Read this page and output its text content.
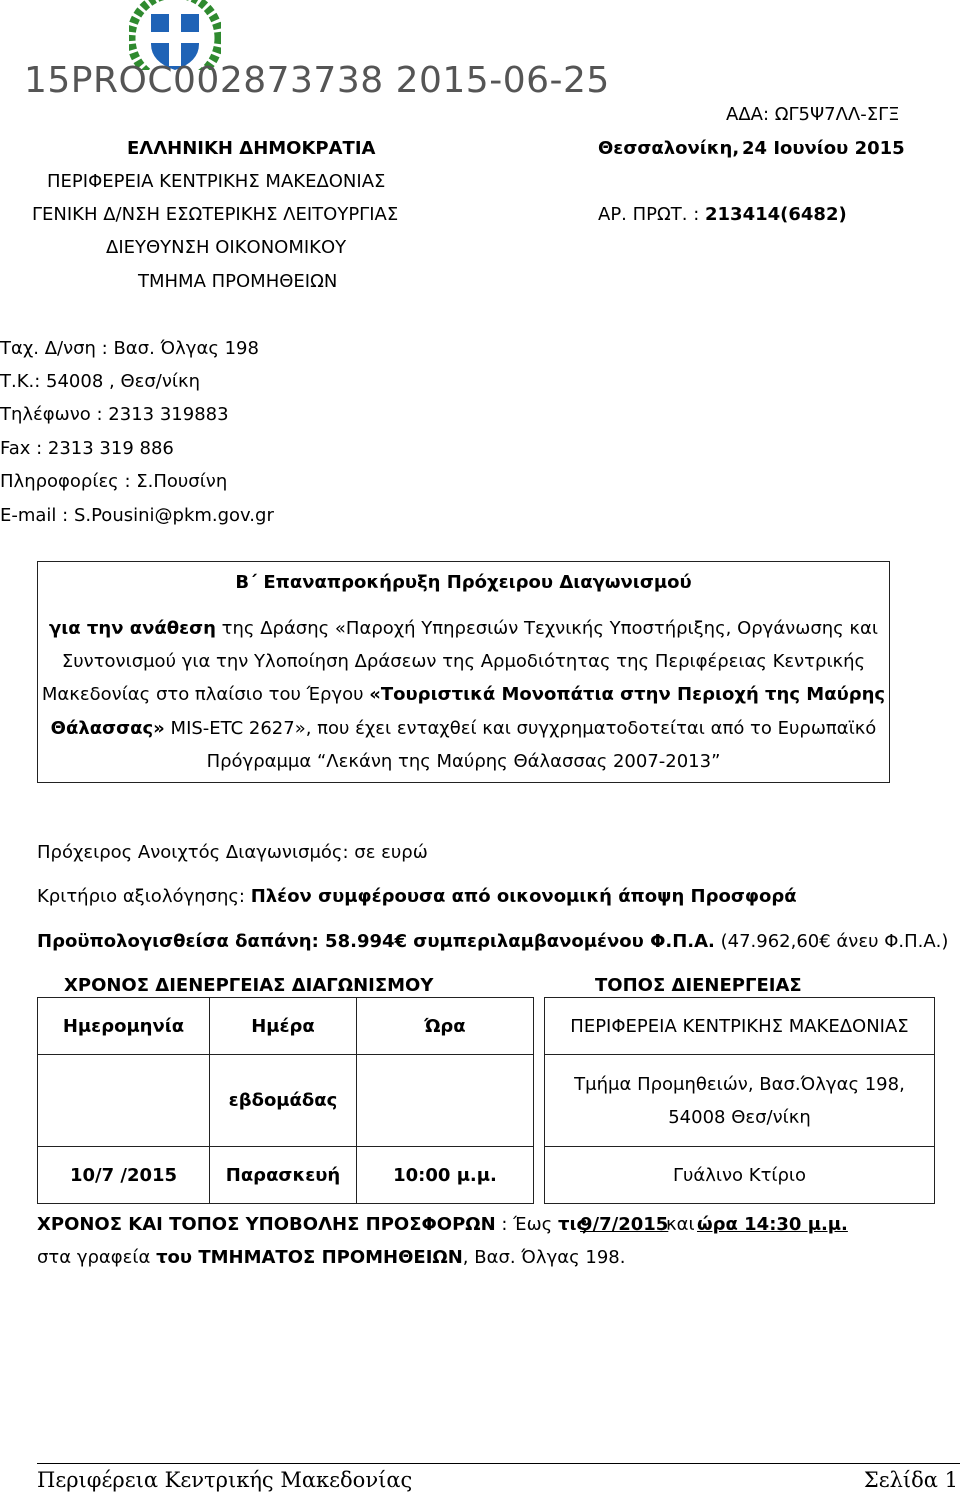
15PROC002873738 2015-06-25
ΑΔΑ: ΩΓ5Ψ7ΛΛ-ΣΓΞ
ΕΛΛΗΝΙΚΗ ΔΗΜΟΚΡΑΤΙΑ
ΠΕΡΙΦΕΡΕΙΑ ΚΕΝΤΡΙΚΗΣ ΜΑΚΕΔΟΝΙΑΣ
ΓΕΝΙΚΗ Δ/ΝΣΗ ΕΣΩΤΕΡΙΚΗΣ ΛΕΙΤΟΥΡΓΙΑΣ
ΔΙΕΥΘΥΝΣΗ ΟΙΚΟΝΟΜΙΚΟΥ
ΤΜΗΜΑ ΠΡΟΜΗΘΕΙΩΝ
Θεσσαλονίκη, 24 Ιουνίου 2015
ΑΡ. ΠΡΩΤ. : 213414(6482)
Ταχ. Δ/νση : Βασ. Όλγας 198
Τ.Κ.: 54008 , Θεσ/νίκη
Τηλέφωνο : 2313 319883
Fax : 2313 319 886
Πληροφορίες : Σ.Πουσίνη
E-mail : S.Pousini@pkm.gov.gr
Β΄ Επαναπροκήρυξη Πρόχειρου Διαγωνισμού
για την ανάθεση της Δράσης «Παροχή Υπηρεσιών Τεχνικής Υποστήριξης, Οργάνωσης και
Συντονισμού για την Υλοποίηση Δράσεων της Αρμοδιότητας της Περιφέρειας Κεντρικής
Μακεδονίας στο πλαίσιο του Έργου «Τουριστικά Μονοπάτια στην Περιοχή της Μαύρης
Θάλασσας» MIS-ETC 2627», που έχει ενταχθεί και συγχρηματοδοτείται από το Ευρωπαϊκό
Πρόγραμμα “Λεκάνη της Μαύρης Θάλασσας 2007-2013”
Πρόχειρος Ανοιχτός Διαγωνισμός: σε ευρώ
Κριτήριο αξιολόγησης: Πλέον συμφέρουσα από οικονομική άποψη Προσφορά
Προϋπολογισθείσα δαπάνη: 58.994€ συμπεριλαμβανομένου Φ.Π.Α. (47.962,60€ άνευ Φ.Π.Α.)
ΧΡΟΝΟΣ ΔΙΕΝΕΡΓΕΙΑΣ ΔΙΑΓΩΝΙΣΜΟΥ	ΤΟΠΟΣ ΔΙΕΝΕΡΓΕΙΑΣ
Ημερομηνία	Ημέρα	Ώρα
	εβδομάδας	
10/7 /2015	Παρασκευή	10:00 μ.μ.
ΠΕΡΙΦΕΡΕΙΑ ΚΕΝΤΡΙΚΗΣ ΜΑΚΕΔΟΝΙΑΣ

Τμήμα Προμηθειών, Βασ.Όλγας 198,
54008 Θεσ/νίκη

Γυάλινο Κτίριο
ΧΡΟΝΟΣ ΚΑΙ ΤΟΠΟΣ ΥΠΟΒΟΛΗΣ ΠΡΟΣΦΟΡΩΝ : Έως τις
9/7/2015
και ώρα 14:30 μ.μ.
στα γραφεία του ΤΜΗΜΑΤΟΣ ΠΡΟΜΗΘΕΙΩΝ, Βασ. Όλγας 198.
Περιφέρεια Κεντρικής Μακεδονίας	Σελίδα 1
